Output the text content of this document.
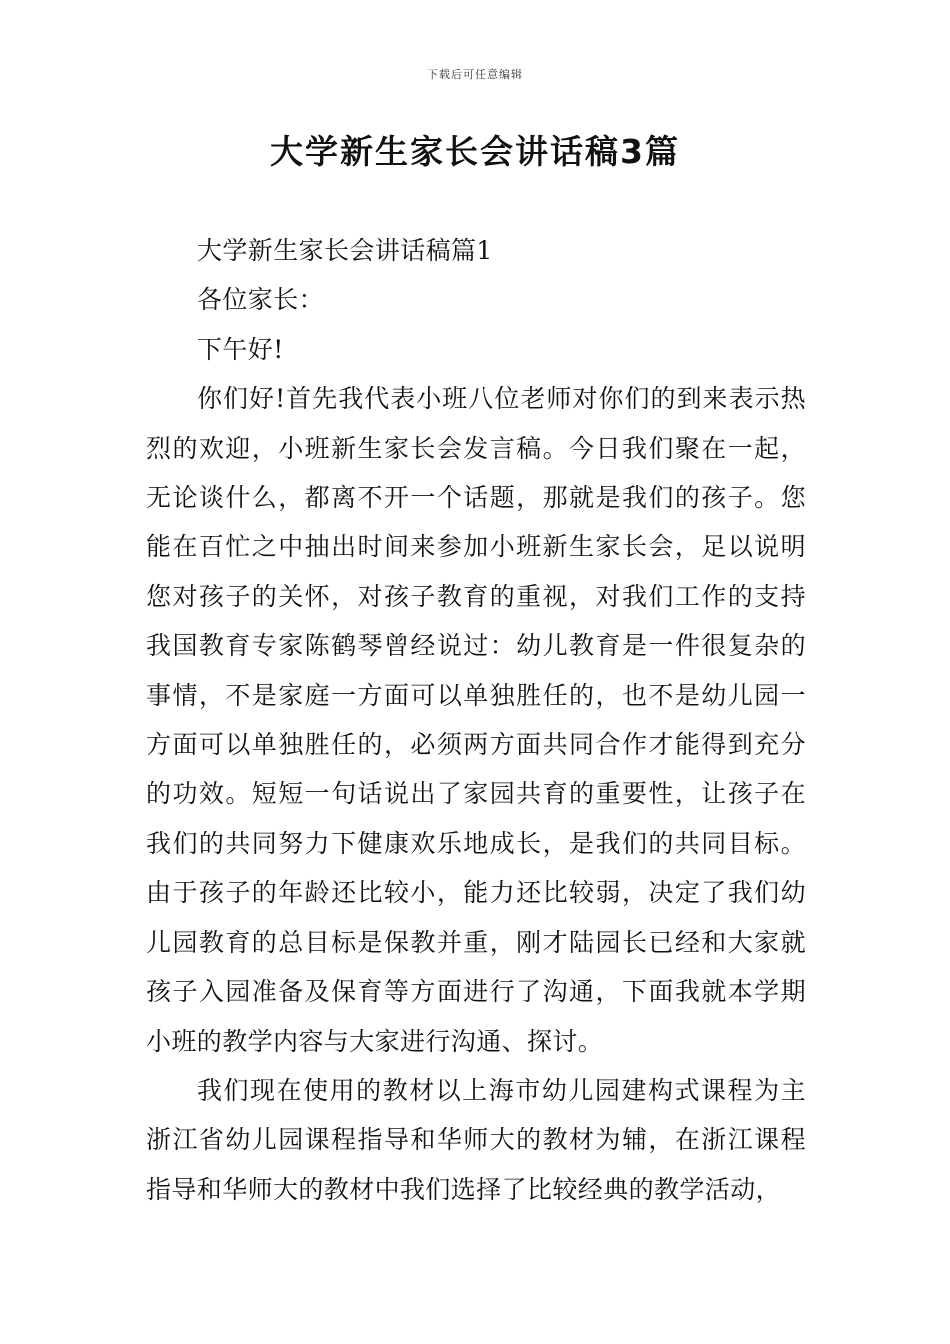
下载后可任意编辑
大学新生家长会讲话稿3篇

大学新生家长会讲话稿篇1

各位家长：

下午好!

你们好!首先我代表小班八位老师对你们的到来表示热烈的欢迎，小班新生家长会发言稿。今日我们聚在一起，无论谈什么，都离不开一个话题，那就是我们的孩子。您能在百忙之中抽出时间来参加小班新生家长会，足以说明您对孩子的关怀，对孩子教育的重视，对我们工作的支持我国教育专家陈鹤琴曾经说过：幼儿教育是一件很复杂的事情，不是家庭一方面可以单独胜任的，也不是幼儿园一方面可以单独胜任的，必须两方面共同合作才能得到充分的功效。短短一句话说出了家园共育的重要性，让孩子在我们的共同努力下健康欢乐地成长，是我们的共同目标。由于孩子的年龄还比较小，能力还比较弱，决定了我们幼儿园教育的总目标是保教并重，刚才陆园长已经和大家就孩子入园准备及保育等方面进行了沟通，下面我就本学期小班的教学内容与大家进行沟通、探讨。

我们现在使用的教材以上海市幼儿园建构式课程为主浙江省幼儿园课程指导和华师大的教材为辅，在浙江课程指导和华师大的教材中我们选择了比较经典的教学活动，
